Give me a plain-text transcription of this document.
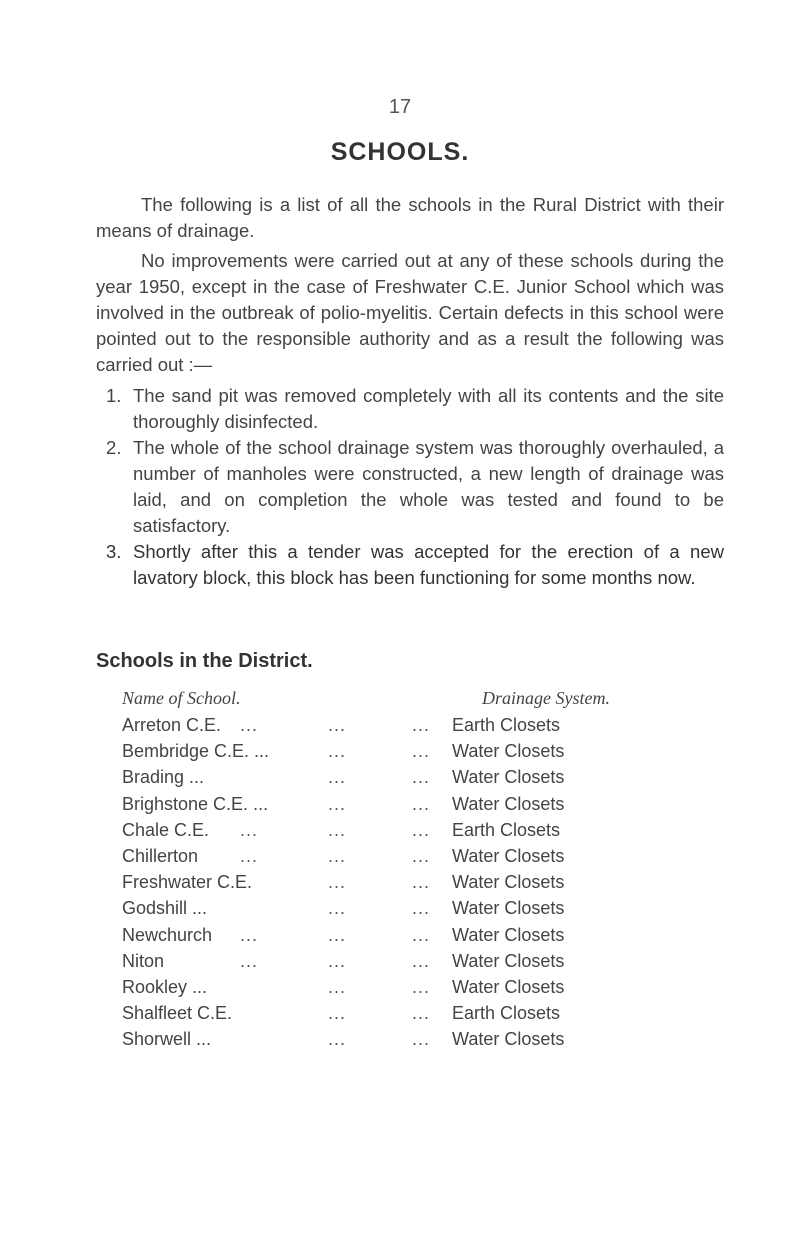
17
SCHOOLS.
The following is a list of all the schools in the Rural District with their means of drainage.
No improvements were carried out at any of these schools during the year 1950, except in the case of Freshwater C.E. Junior School which was involved in the outbreak of polio-myelitis. Certain defects in this school were pointed out to the responsible authority and as a result the following was carried out :—
1. The sand pit was removed completely with all its contents and the site thoroughly disinfected.
2. The whole of the school drainage system was thoroughly overhauled, a number of manholes were constructed, a new length of drainage was laid, and on completion the whole was tested and found to be satisfactory.
3. Shortly after this a tender was accepted for the erection of a new lavatory block, this block has been functioning for some months now.
Schools in the District.
Name of School.	Drainage System.
Arreton C.E. ...	...	... Earth Closets
Bembridge C.E. ...	...	... Water Closets
Brading ...	...	... Water Closets
Brighstone C.E. ...	...	... Water Closets
Chale C.E. ...	...	... Earth Closets
Chillerton ...	...	... Water Closets
Freshwater C.E.	...	... Water Closets
Godshill ...	...	... Water Closets
Newchurch ...	...	... Water Closets
Niton	...	...	... Water Closets
Rookley ...	...	... Water Closets
Shalfleet C.E.	...	... Earth Closets
Shorwell ...	...	... Water Closets
